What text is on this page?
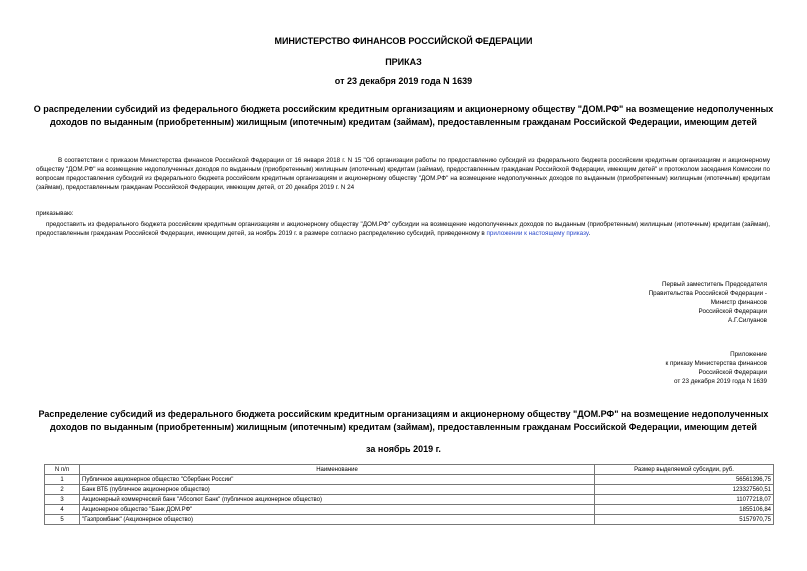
МИНИСТЕРСТВО ФИНАНСОВ РОССИЙСКОЙ ФЕДЕРАЦИИ
ПРИКАЗ
от 23 декабря 2019 года N 1639
О распределении субсидий из федерального бюджета российским кредитным организациям и акционерному обществу "ДОМ.РФ" на возмещение недополученных
доходов по выданным (приобретенным) жилищным (ипотечным) кредитам (займам), предоставленным гражданам Российской Федерации, имеющим детей
В соответствии с приказом Министерства финансов Российской Федерации от 16 января 2018 г. N 15 "Об организации работы по предоставлению субсидий из федерального бюджета российским кредитным организациям и акционерному обществу "ДОМ.РФ" на возмещение недополученных доходов по выданным (приобретенным) жилищным (ипотечным) кредитам (займам), предоставленным гражданам Российской Федерации, имеющим детей" и протоколом заседания Комиссии по вопросам предоставления субсидий из федерального бюджета российским кредитным организациям и акционерному обществу "ДОМ.РФ" на возмещение недополученных доходов по выданным (приобретенным) жилищным (ипотечным) кредитам (займам), предоставленным гражданам Российской Федерации, имеющим детей, от 20 декабря 2019 г. N 24
приказываю:
предоставить из федерального бюджета российским кредитным организациям и акционерному обществу "ДОМ.РФ" субсидии на возмещение недополученных доходов по выданным (приобретенным) жилищным (ипотечным) кредитам (займам), предоставленным гражданам Российской Федерации, имеющим детей, за ноябрь 2019 г. в размере согласно распределению субсидий, приведенному в приложении к настоящему приказу.
Первый заместитель Председателя
Правительства Российской Федерации -
Министр финансов
Российской Федерации
А.Г.Силуанов
Приложение
к приказу Министерства финансов
Российской Федерации
от 23 декабря 2019 года N 1639
Распределение субсидий из федерального бюджета российским кредитным организациям и акционерному обществу "ДОМ.РФ" на возмещение недополученных
доходов по выданным (приобретенным) жилищным (ипотечным) кредитам (займам), предоставленным гражданам Российской Федерации, имеющим детей
за ноябрь 2019 г.
N п/п	Наименование	Размер выделяемой субсидии, руб.
1	Публичное акционерное общество "Сбербанк России"	56561396,75
2	Банк ВТБ (публичное акционерное общество)	123327560,51
3	Акционерный коммерческий банк "Абсолют Банк" (публичное акционерное общество)	11077218,07
4	Акционерное общество "Банк ДОМ.РФ"	1855106,84
5	"Газпромбанк" (Акционерное общество)	5157970,75
